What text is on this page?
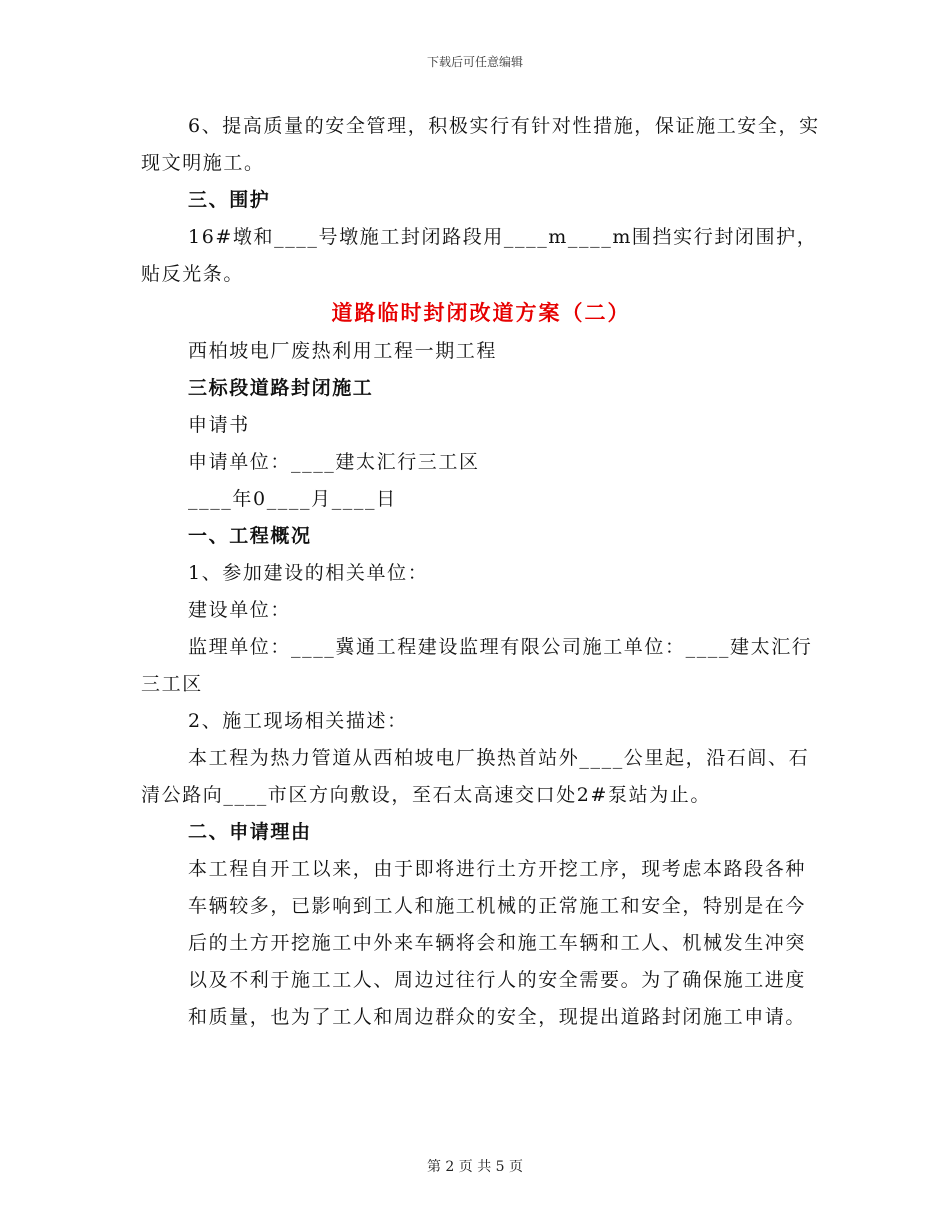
下载后可任意编辑

6、提高质量的安全管理，积极实行有针对性措施，保证施工安全，实现文明施工。

三、围护

16#墩和____号墩施工封闭路段用____m____m围挡实行封闭围护，贴反光条。

道路临时封闭改道方案（二）

西柏坡电厂废热利用工程一期工程

三标段道路封闭施工

申请书

申请单位：____建太汇行三工区

____年0____月____日

一、工程概况

1、参加建设的相关单位：

建设单位：

监理单位：____冀通工程建设监理有限公司施工单位：____建太汇行三工区

2、施工现场相关描述：

本工程为热力管道从西柏坡电厂换热首站外____公里起，沿石闾、石清公路向____市区方向敷设，至石太高速交口处2#泵站为止。

二、申请理由

本工程自开工以来，由于即将进行土方开挖工序，现考虑本路段各种车辆较多，已影响到工人和施工机械的正常施工和安全，特别是在今后的土方开挖施工中外来车辆将会和施工车辆和工人、机械发生冲突以及不利于施工工人、周边过往行人的安全需要。为了确保施工进度和质量，也为了工人和周边群众的安全，现提出道路封闭施工申请。

第 2 页 共 5 页
